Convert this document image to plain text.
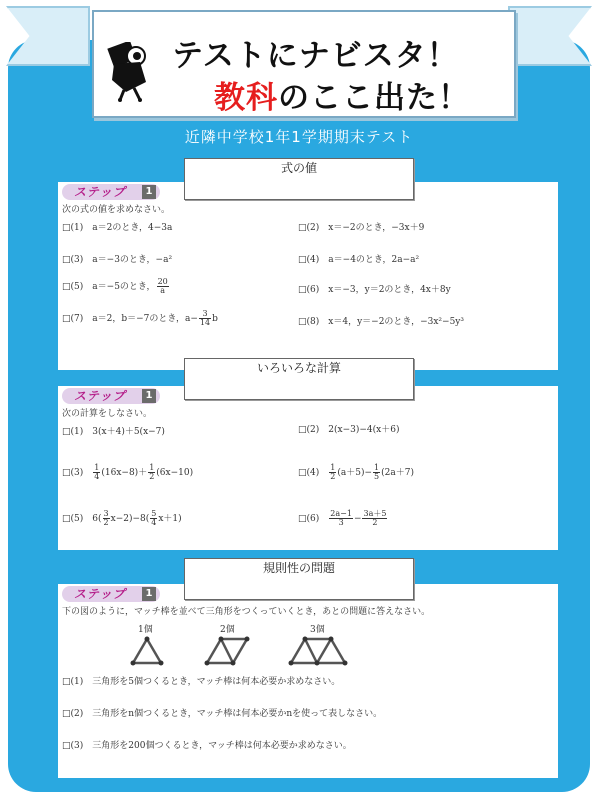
テストにナビスタ！
教科のここ出た！
近隣中学校1年1学期期末テスト
ステップ	1
次の式の値を求めなさい。
□(1)　 a＝2のとき，4−3a	□(2)　 x＝−2のとき，−3x＋9
□(3)　 a＝−3のとき，−a²	□(4)　 a＝−4のとき，2a−a²
□(5)　 a＝−5のとき， $\frac{20}{a}$	□(6)　 x＝−3，y＝2のとき，4x＋8y
□(7)　 a＝2，b＝−7のとき，$a- \frac{3}{14}$ b	□(8)　 x＝4，y＝−2のとき，−3x²−5y³
式の値
ステップ	1
次の計算をしなさい。
□(1)　 3(x＋4)＋5(x−7)	□(2)　 2(x−3)−4(x＋6)
□(3)　 $\frac{1}{4} (16x-8)+ \frac{1}{2} (6x-10)$	□(4)　 $\frac{1}{2} (a+5)- \frac{1}{5} (2a+7)$
□(5)　 $6( \frac{3}{2} x-2)-8( \frac{5}{4} x+1)$	□(6)　 $\frac{2a-1}{3} - \frac{3a+5}{2}$
いろいろな計算
ステップ	1
下の図のように，マッチ棒を並べて三角形をつくっていくとき，あとの問題に答えなさい。
1個	2個	3個
□(1)　 三角形を5個つくるとき，マッチ棒は何本必要か求めなさい。
□(2)　 三角形をn個つくるとき，マッチ棒は何本必要かnを使って表しなさい。
□(3)　 三角形を200個つくるとき，マッチ棒は何本必要か求めなさい。
規則性の問題
